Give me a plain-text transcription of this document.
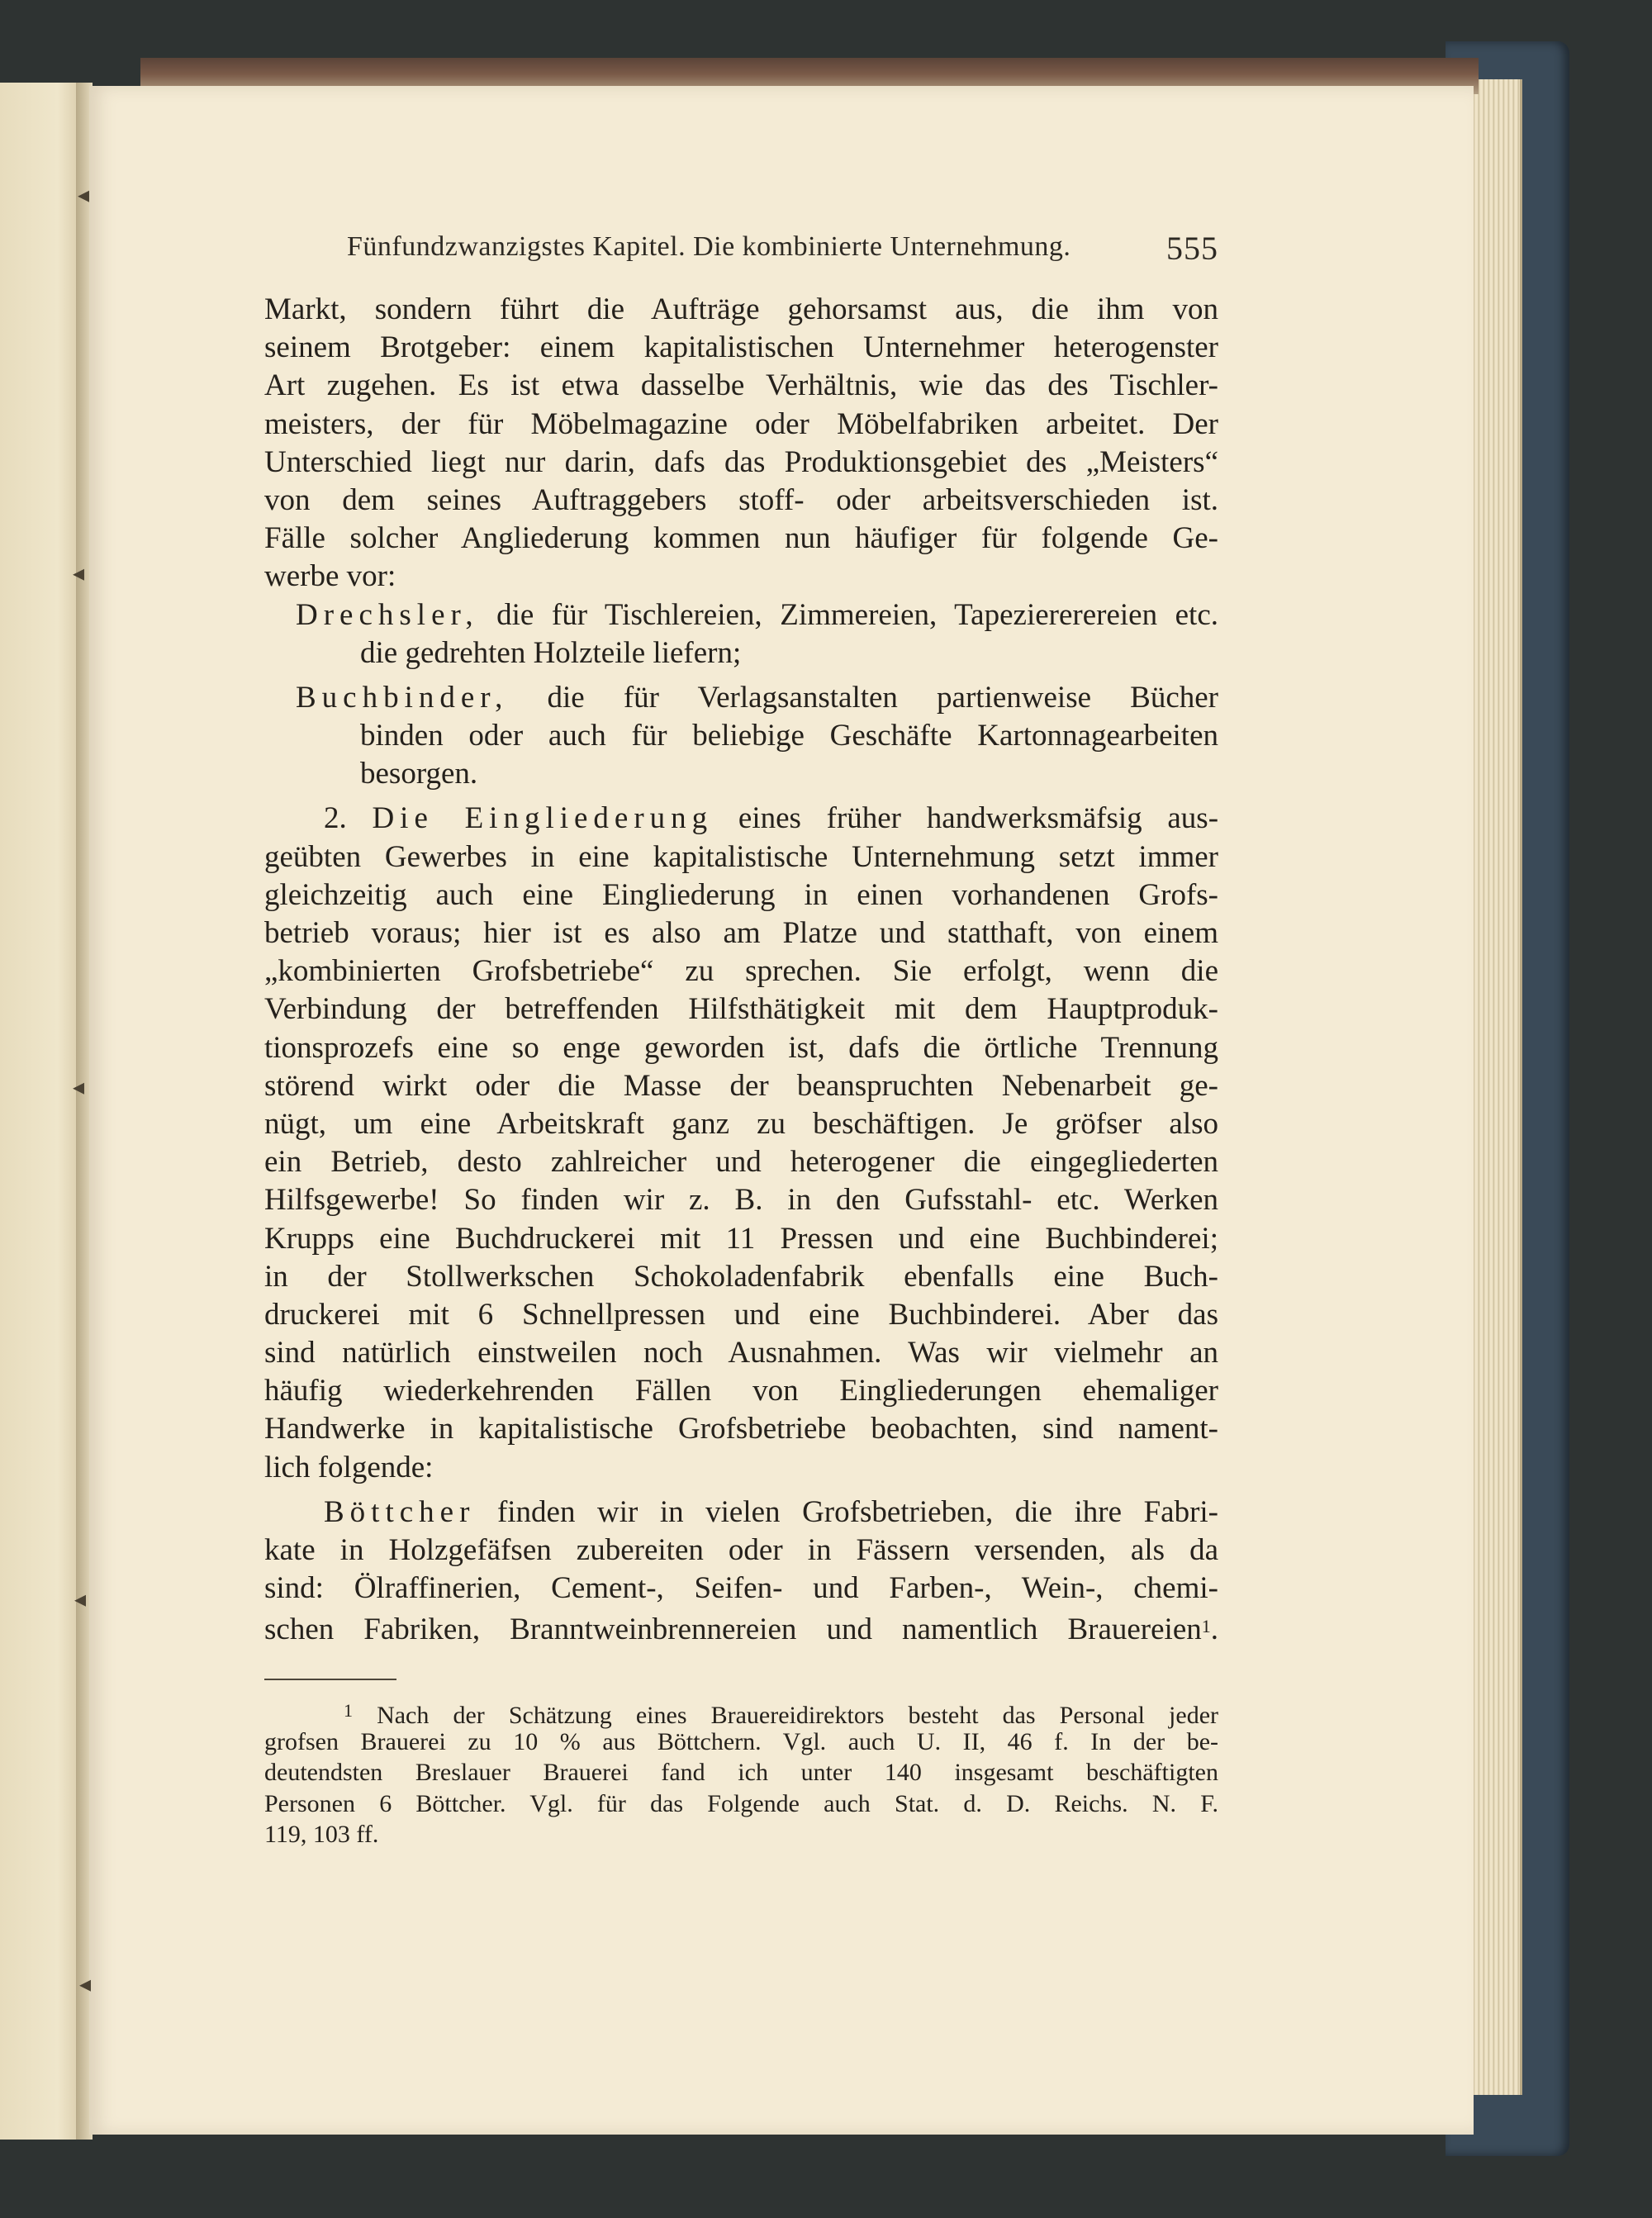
◂
◂
◂
◂
◂
Fünfundzwanzigstes Kapitel. Die kombinierte Unternehmung.	555
Markt, sondern führt die Aufträge gehorsamst aus, die ihm von
seinem Brotgeber: einem kapitalistischen Unternehmer heterogenster
Art zugehen. Es ist etwa dasselbe Verhältnis, wie das des Tischler-
meisters, der für Möbelmagazine oder Möbelfabriken arbeitet. Der
Unterschied liegt nur darin, dafs das Produktionsgebiet des „Meisters“
von dem seines Auftraggebers stoff- oder arbeitsverschieden ist.
Fälle solcher Angliederung kommen nun häufiger für folgende Ge-
werbe vor:
Drechsler, die für Tischlereien, Zimmereien, Tapeziererereien etc.
die gedrehten Holzteile liefern;
Buchbinder, die für Verlagsanstalten partienweise Bücher
binden oder auch für beliebige Geschäfte Kartonnagearbeiten
besorgen.
2. Die Eingliederung eines früher handwerksmäfsig aus-
geübten Gewerbes in eine kapitalistische Unternehmung setzt immer
gleichzeitig auch eine Eingliederung in einen vorhandenen Grofs-
betrieb voraus; hier ist es also am Platze und statthaft, von einem
„kombinierten Grofsbetriebe“ zu sprechen. Sie erfolgt, wenn die
Verbindung der betreffenden Hilfsthätigkeit mit dem Hauptproduk-
tionsprozefs eine so enge geworden ist, dafs die örtliche Trennung
störend wirkt oder die Masse der beanspruchten Nebenarbeit ge-
nügt, um eine Arbeitskraft ganz zu beschäftigen. Je gröfser also
ein Betrieb, desto zahlreicher und heterogener die eingegliederten
Hilfsgewerbe! So finden wir z. B. in den Gufsstahl- etc. Werken
Krupps eine Buchdruckerei mit 11 Pressen und eine Buchbinderei;
in der Stollwerkschen Schokoladenfabrik ebenfalls eine Buch-
druckerei mit 6 Schnellpressen und eine Buchbinderei. Aber das
sind natürlich einstweilen noch Ausnahmen. Was wir vielmehr an
häufig wiederkehrenden Fällen von Eingliederungen ehemaliger
Handwerke in kapitalistische Grofsbetriebe beobachten, sind nament-
lich folgende:
Böttcher finden wir in vielen Grofsbetrieben, die ihre Fabri-
kate in Holzgefäfsen zubereiten oder in Fässern versenden, als da
sind: Ölraffinerien, Cement-, Seifen- und Farben-, Wein-, chemi-
schen Fabriken, Branntweinbrennereien und namentlich Brauereien$^1$.
$^1$ Nach der Schätzung eines Brauereidirektors besteht das Personal jeder
grofsen Brauerei zu 10 % aus Böttchern. Vgl. auch U. II, 46 f. In der be-
deutendsten Breslauer Brauerei fand ich unter 140 insgesamt beschäftigten
Personen 6 Böttcher. Vgl. für das Folgende auch Stat. d. D. Reichs. N. F.
119, 103 ff.
